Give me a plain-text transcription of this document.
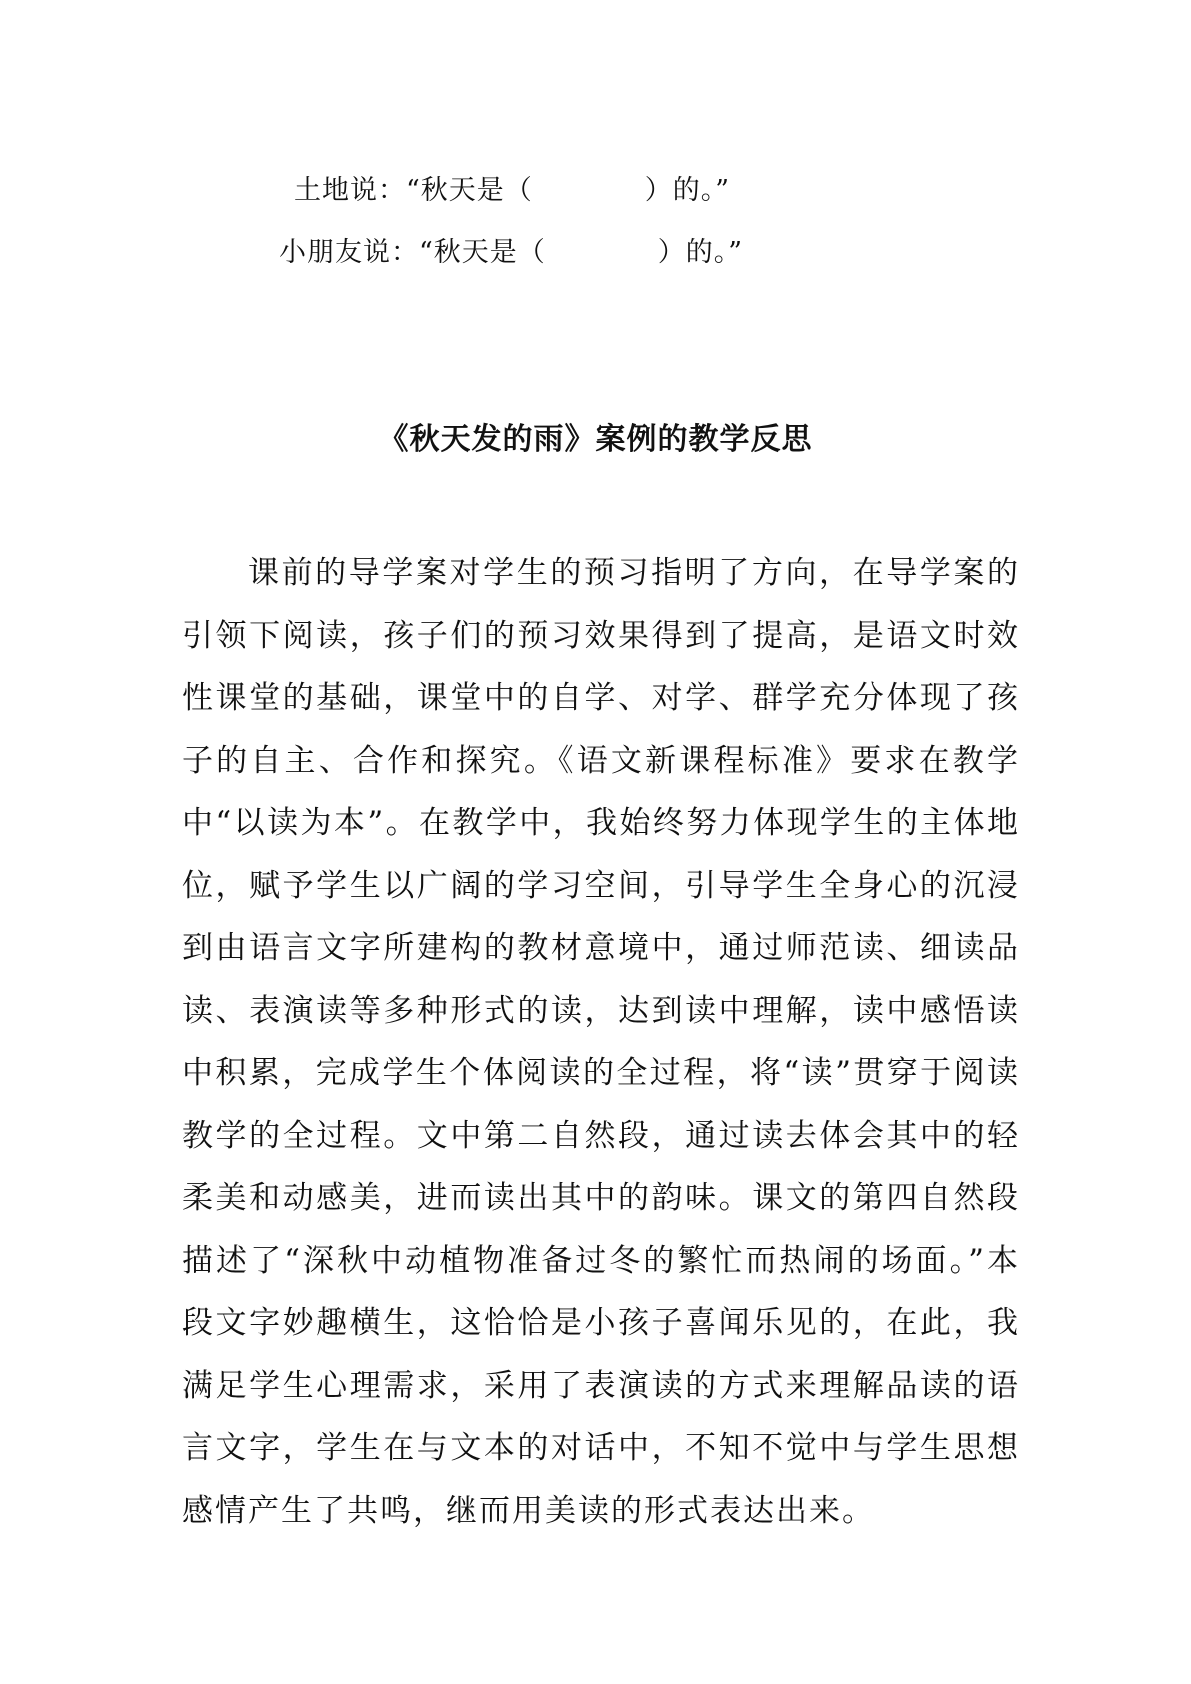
土地说：“秋天是（　　　　）的。”
小朋友说：“秋天是（　　　　）的。”
《秋天发的雨》案例的教学反思

课前的导学案对学生的预习指明了方向，在导学案的引领下阅读，孩子们的预习效果得到了提高，是语文时效性课堂的基础，课堂中的自学、对学、群学充分体现了孩子的自主、合作和探究。《语文新课程标准》要求在教学中“以读为本”。在教学中，我始终努力体现学生的主体地位，赋予学生以广阔的学习空间，引导学生全身心的沉浸到由语言文字所建构的教材意境中，通过师范读、细读品读、表演读等多种形式的读，达到读中理解，读中感悟读中积累，完成学生个体阅读的全过程，将“读”贯穿于阅读教学的全过程。文中第二自然段，通过读去体会其中的轻柔美和动感美，进而读出其中的韵味。课文的第四自然段描述了“深秋中动植物准备过冬的繁忙而热闹的场面。”本段文字妙趣横生，这恰恰是小孩子喜闻乐见的，在此，我满足学生心理需求，采用了表演读的方式来理解品读的语言文字，学生在与文本的对话中，不知不觉中与学生思想感情产生了共鸣，继而用美读的形式表达出来。
